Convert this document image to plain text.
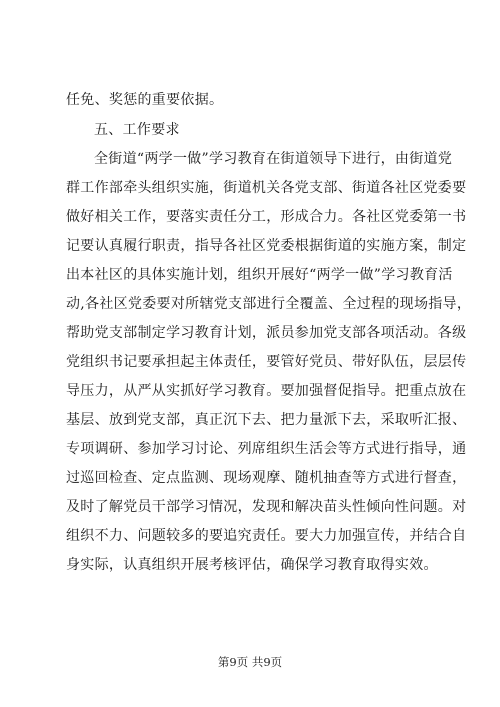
任免、奖惩的重要依据。
五、工作要求
全街道“两学一做”学习教育在街道领导下进行，由街道党
群工作部牵头组织实施，街道机关各党支部、街道各社区党委要
做好相关工作，要落实责任分工，形成合力。各社区党委第一书
记要认真履行职责，指导各社区党委根据街道的实施方案，制定
出本社区的具体实施计划，组织开展好“两学一做”学习教育活
动,各社区党委要对所辖党支部进行全覆盖、全过程的现场指导，
帮助党支部制定学习教育计划，派员参加党支部各项活动。各级
党组织书记要承担起主体责任，要管好党员、带好队伍，层层传
导压力，从严从实抓好学习教育。要加强督促指导。把重点放在
基层、放到党支部，真正沉下去、把力量派下去，采取听汇报、
专项调研、参加学习讨论、列席组织生活会等方式进行指导，通
过巡回检查、定点监测、现场观摩、随机抽查等方式进行督查，
及时了解党员干部学习情况，发现和解决苗头性倾向性问题。对
组织不力、问题较多的要追究责任。要大力加强宣传，并结合自
身实际，认真组织开展考核评估，确保学习教育取得实效。
第9页 共9页
